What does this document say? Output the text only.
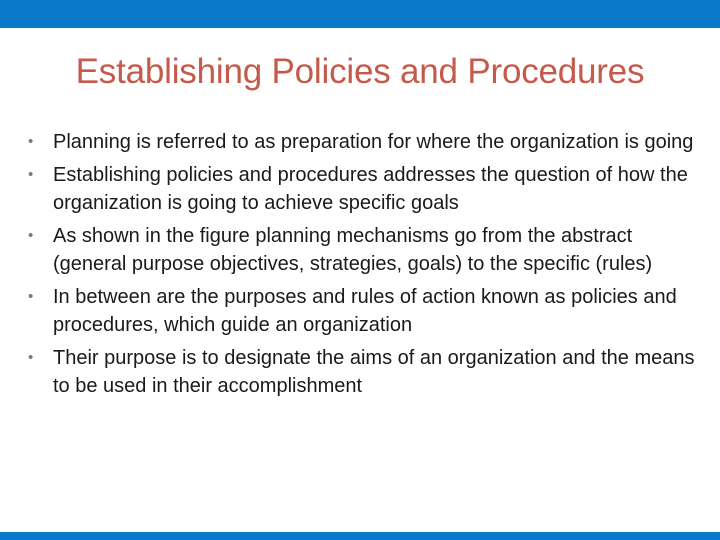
Establishing Policies and Procedures
• Planning is referred to as preparation for where the organization is going
• Establishing policies and procedures addresses the question of how the organization is going to achieve specific goals
• As shown in the figure planning mechanisms go from the abstract (general purpose objectives, strategies, goals) to the specific (rules)
• In between are the purposes and rules of action known as policies and procedures, which guide an organization
• Their purpose is to designate the aims of an organization and the means to be used in their accomplishment
